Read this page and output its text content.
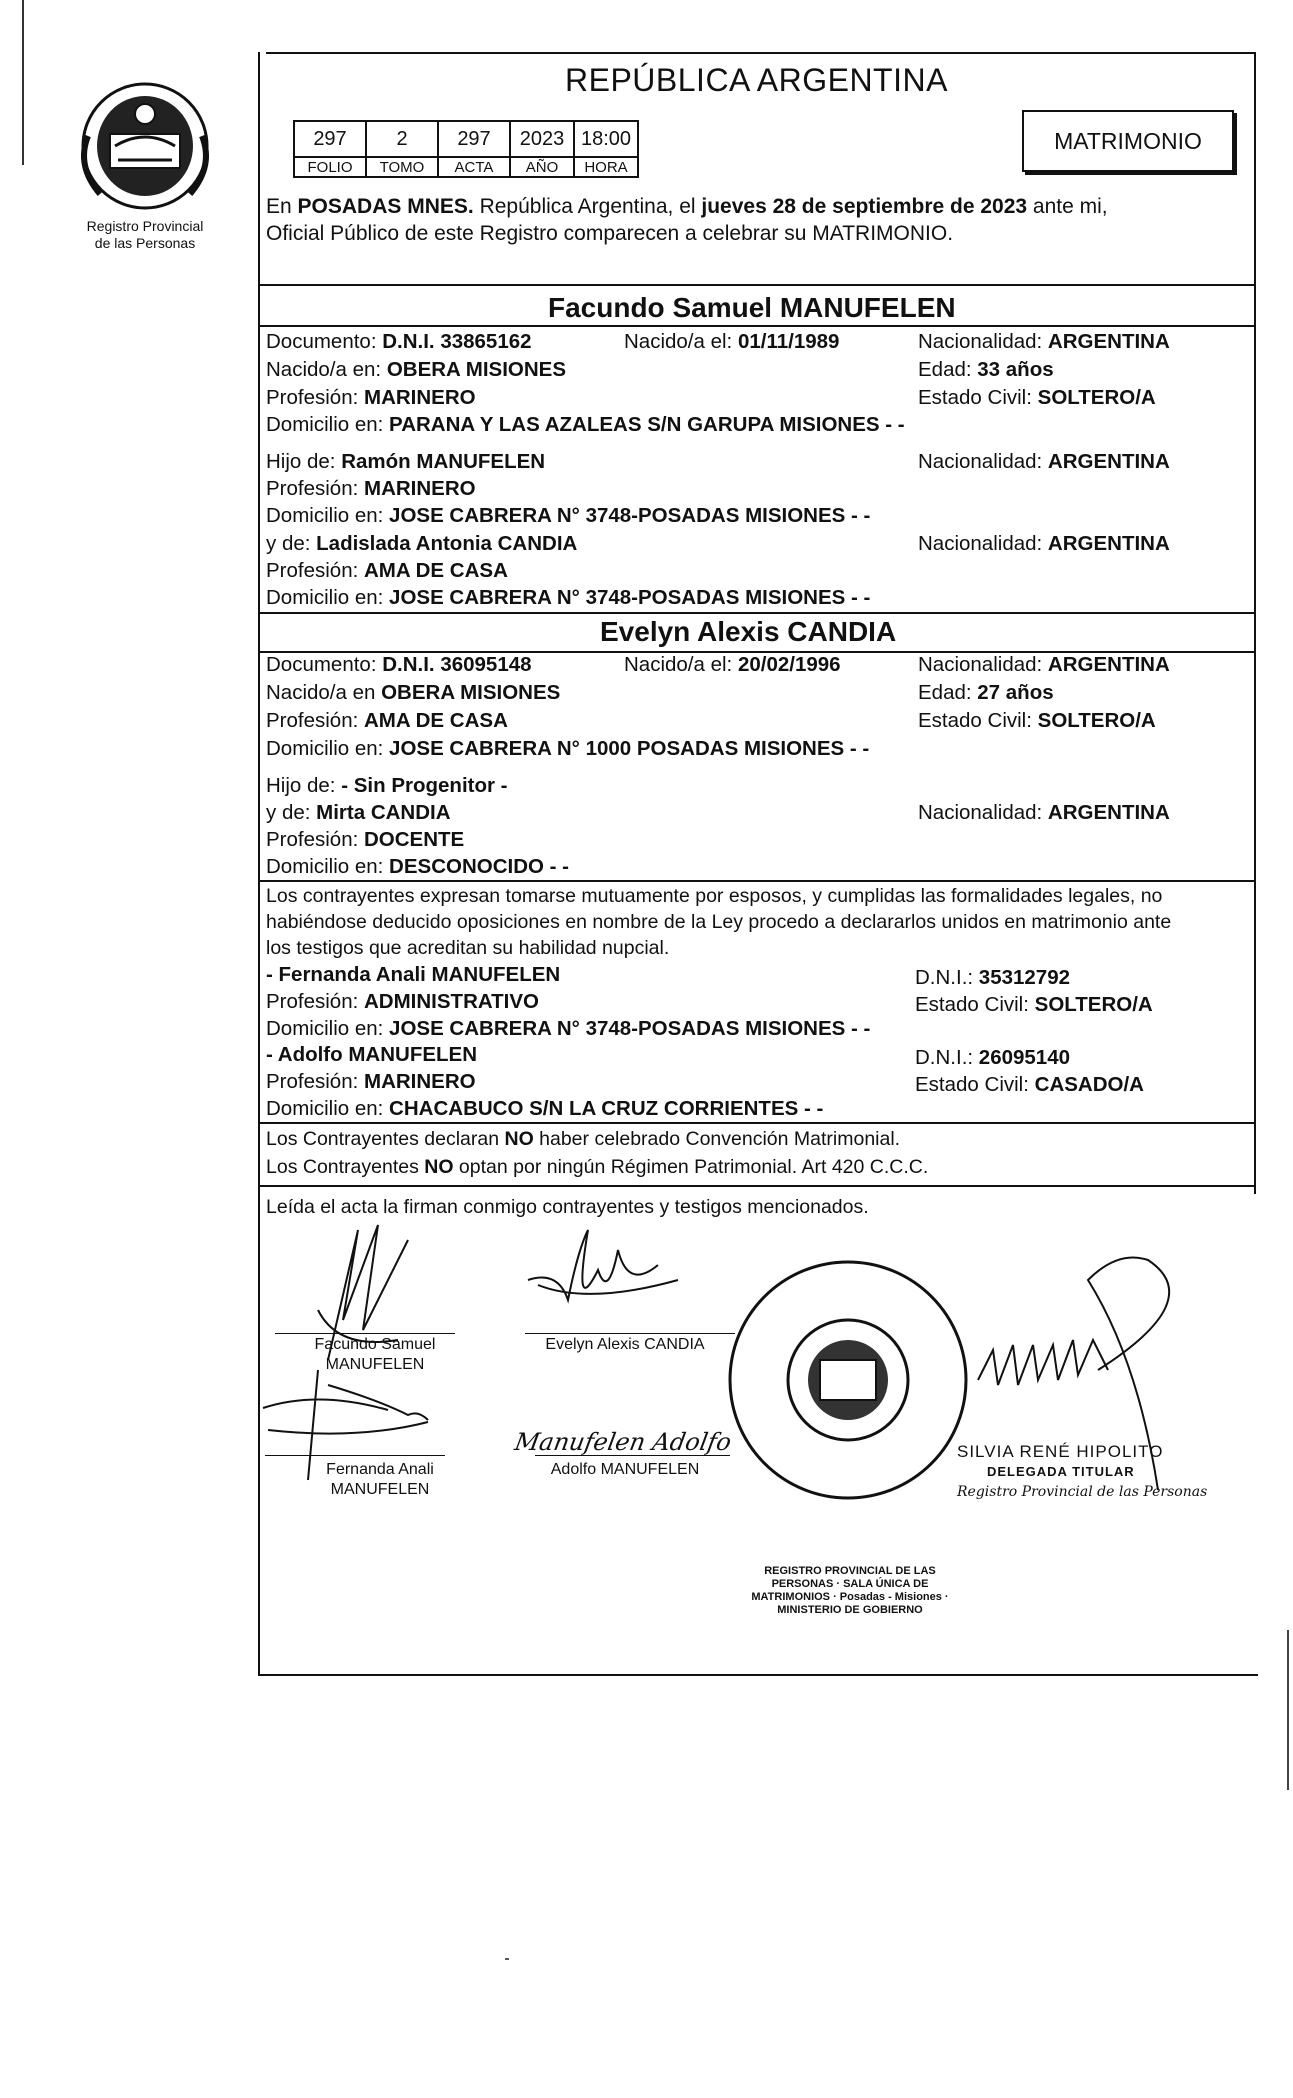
Registro Provincial
de las Personas
REPÚBLICA ARGENTINA
297	2	297	2023	18:00
FOLIO	TOMO	ACTA	AÑO	HORA
MATRIMONIO
En POSADAS MNES. República Argentina, el jueves 28 de septiembre de 2023 ante mi,
Oficial Público de este Registro comparecen a celebrar su MATRIMONIO.
Facundo Samuel MANUFELEN
Documento: D.N.I. 33865162	Nacido/a el: 01/11/1989	Nacionalidad: ARGENTINA
Nacido/a en: OBERA MISIONES	Edad: 33 años
Profesión: MARINERO	Estado Civil: SOLTERO/A
Domicilio en: PARANA Y LAS AZALEAS S/N GARUPA MISIONES - -
Hijo de: Ramón MANUFELEN	Nacionalidad: ARGENTINA
Profesión: MARINERO
Domicilio en: JOSE CABRERA N° 3748-POSADAS MISIONES - -
y de: Ladislada Antonia CANDIA	Nacionalidad: ARGENTINA
Profesión: AMA DE CASA
Domicilio en: JOSE CABRERA N° 3748-POSADAS MISIONES - -
Evelyn Alexis CANDIA
Documento: D.N.I. 36095148	Nacido/a el: 20/02/1996	Nacionalidad: ARGENTINA
Nacido/a en OBERA MISIONES	Edad: 27 años
Profesión: AMA DE CASA	Estado Civil: SOLTERO/A
Domicilio en: JOSE CABRERA N° 1000 POSADAS MISIONES - -
Hijo de: - Sin Progenitor -
y de: Mirta CANDIA	Nacionalidad: ARGENTINA
Profesión: DOCENTE
Domicilio en: DESCONOCIDO - -
Los contrayentes expresan tomarse mutuamente por esposos, y cumplidas las formalidades legales, no
habiéndose deducido oposiciones en nombre de la Ley procedo a declararlos unidos en matrimonio ante
los testigos que acreditan su habilidad nupcial.
- Fernanda Anali MANUFELEN	D.N.I.: 35312792
Profesión: ADMINISTRATIVO	Estado Civil: SOLTERO/A
Domicilio en: JOSE CABRERA N° 3748-POSADAS MISIONES - -
- Adolfo MANUFELEN	D.N.I.: 26095140
Profesión: MARINERO	Estado Civil: CASADO/A
Domicilio en: CHACABUCO S/N LA CRUZ CORRIENTES - -
Los Contrayentes declaran NO haber celebrado Convención Matrimonial.
Los Contrayentes NO optan por ningún Régimen Patrimonial. Art 420 C.C.C.
Leída el acta la firman conmigo contrayentes y testigos mencionados.
Manufelen Adolfo
Facundo Samuel
MANUFELEN
Evelyn Alexis CANDIA
Fernanda Anali
MANUFELEN
Adolfo MANUFELEN
SILVIA RENÉ HIPOLITO
DELEGADA TITULAR
Registro Provincial de las Personas
REGISTRO PROVINCIAL DE LAS PERSONAS · SALA ÚNICA DE MATRIMONIOS · Posadas - Misiones · MINISTERIO DE GOBIERNO
